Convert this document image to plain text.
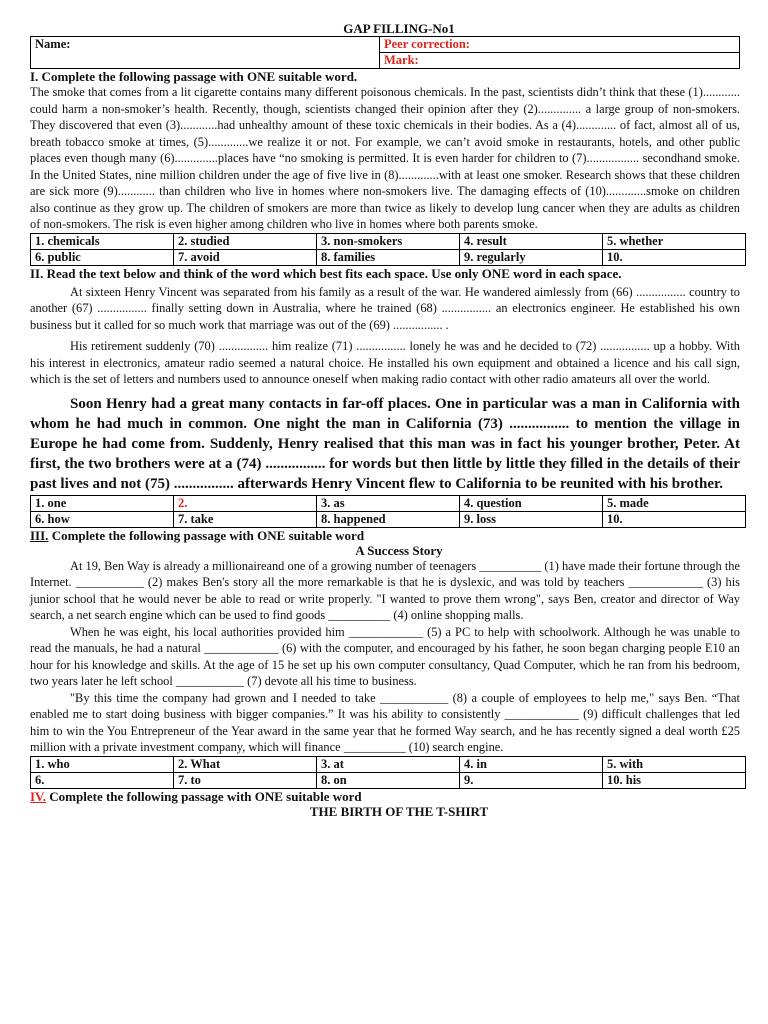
GAP FILLING-No1
Name:	Peer correction:
Mark:
I. Complete the following passage with ONE suitable word.
The smoke that comes from a lit cigarette contains many different poisonous chemicals. In the past, scientists didn’t think that these (1)............ could harm a non-smoker’s health. Recently, though, scientists changed their opinion after they (2).............. a large group of non-smokers. They discovered that even (3)............had unhealthy amount of these toxic chemicals in their bodies. As a (4)............. of fact, almost all of us, breath tobacco smoke at times, (5).............we realize it or not. For example, we can’t avoid smoke in restaurants, hotels, and other public places even though many (6)..............places have “no smoking is permitted. It is even harder for children to (7)................. secondhand smoke. In the United States, nine million children under the age of five live in (8).............with at least one smoker. Research shows that these children are sick more (9)............ than children who live in homes where non-smokers live. The damaging effects of (10).............smoke on children also continue as they grow up. The children of smokers are more than twice as likely to develop lung cancer when they are adults as children of non-smokers. The risk is even higher among children who live in homes where both parents smoke.
1. chemicals	2. studied	3. non-smokers	4. result	5. whether
6. public	7. avoid	8. families	9. regularly	10.
II. Read the text below and think of the word which best fits each space. Use only ONE word in each space.
At sixteen Henry Vincent was separated from his family as a result of the war. He wandered aimlessly from (66) ................ country to another (67) ................ finally setting down in Australia, where he trained (68) ................ an electronics engineer. He established his own business but it called for so much work that marriage was out of the (69) ................ .
His retirement suddenly (70) ................ him realize (71) ................ lonely he was and he decided to (72) ................ up a hobby. With his interest in electronics, amateur radio seemed a natural choice. He installed his own equipment and obtained a licence and his call sign, which is the set of letters and numbers used to announce oneself when making radio contact with other radio amateurs all over the world.
Soon Henry had a great many contacts in far-off places. One in particular was a man in California with whom he had much in common. One night the man in California (73) ................ to mention the village in Europe he had come from. Suddenly, Henry realised that this man was in fact his younger brother, Peter. At first, the two brothers were at a (74) ................ for words but then little by little they filled in the details of their past lives and not (75) ................ afterwards Henry Vincent flew to California to be reunited with his brother.
1. one	2.	3. as	4. question	5. made
6. how	7. take	8. happened	9. loss	10.
III. Complete the following passage with ONE suitable word
A Success Story
At 19, Ben Way is already a millionaireand one of a growing number of teenagers __________ (1) have made their fortune through the Internet. ___________ (2) makes Ben's story all the more remarkable is that he is dyslexic, and was told by teachers ____________ (3) his junior school that he would never be able to read or write properly. "I wanted to prove them wrong", says Ben, creator and director of Way search, a net search engine which can be used to find goods __________ (4) online shopping malls.
When he was eight, his local authorities provided him ____________ (5) a PC to help with schoolwork. Although he was unable to read the manuals, he had a natural ____________ (6) with the computer, and encouraged by his father, he soon began charging people E10 an hour for his knowledge and skills. At the age of 15 he set up his own computer consultancy, Quad Computer, which he ran from his bedroom, two years later he left school ___________ (7) devote all his time to business.
"By this time the company had grown and I needed to take ___________ (8) a couple of employees to help me," says Ben. “That enabled me to start doing business with bigger companies.” It was his ability to consistently ____________ (9) difficult challenges that led him to win the You Entrepreneur of the Year award in the same year that he formed Way search, and he has recently signed a deal worth £25 million with a private investment company, which will finance __________ (10) search engine.
1. who	2. What	3. at	4. in	5. with
6.	7. to	8. on	9.	10. his
IV. Complete the following passage with ONE suitable word
THE BIRTH OF THE T-SHIRT
